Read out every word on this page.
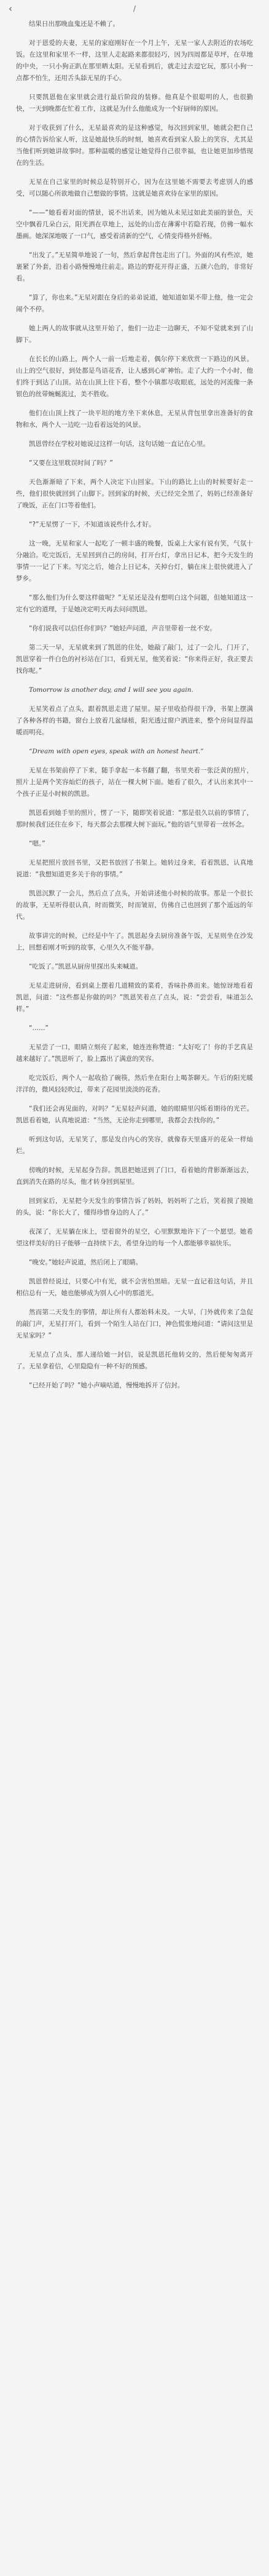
‹	/

结果日出那晚血鬼还是不赖了。

对于恩爱的夫妻，无星的家庭刚好在一个月上午，无星一家人去附近的农场吃饭。在这里和家里不一样，这里人走起路来都很轻巧，因为四周都是草坪，在草地的中央，一只小狗正趴在那里晒太阳。无星看到后，就走过去逗它玩，那只小狗一点都不怕生，还用舌头舔无星的手心。

只要凯恩他在家里就会进行最后阶段的装修。他真是个很聪明的人，也很勤快，一天到晚都在忙着工作，这就是为什么他能成为一个好厨师的原因。

对于收获到了什么，无星最喜欢的是这种感觉，每次回到家里，她就会把自己的心情告诉给家人听，这是她最快乐的时刻，她喜欢看到家人脸上的笑容，尤其是当他们听到她讲故事时。那种温暖的感觉让她觉得自己很幸福，也让她更加珍惜现在的生活。

无星在自己家里的时候总是特别开心，因为在这里她不需要去考虑别人的感受，可以随心所欲地做自己想做的事情。这就是她喜欢待在家里的原因。

“——”她看着对面的情景，说不出话来，因为她从未见过如此美丽的景色，天空中飘着几朵白云，阳光洒在草地上，远处的山峦在薄雾中若隐若现，仿佛一幅水墨画。她深深地吸了一口气，感受着清新的空气，心情变得格外舒畅。

“出发了。”无星简单地说了一句，然后拿起背包走出了门。外面的风有些凉，她裹紧了外套，沿着小路慢慢地往前走。路边的野花开得正盛，五颜六色的，非常好看。

“算了，你也来。”无星对跟在身后的弟弟说道，她知道如果不带上他，他一定会闹个不停。

她上两人的故事就从这里开始了，他们一边走一边聊天，不知不觉就来到了山脚下。

在长长的山路上，两个人一前一后地走着，偶尔停下来欣赏一下路边的风景。山上的空气很好，到处都是鸟语花香，让人感到心旷神怡。走了大约一个小时，他们终于到达了山顶。站在山顶上往下看，整个小镇都尽收眼底，远处的河流像一条银色的丝带蜿蜒流过，美不胜收。

他们在山顶上找了一块平坦的地方坐下来休息，无星从背包里拿出准备好的食物和水，两个人一边吃一边看着远处的风景。

凯恩曾经在学校对她说过这样一句话，这句话她一直记在心里。

“又要在这里耽误时间了吗？”

天色渐渐暗了下来，两个人决定下山回家。下山的路比上山的时候要好走一些，他们很快就回到了山脚下。回到家的时候，天已经完全黑了，妈妈已经准备好了晚饭，正在门口等着他们。

“?”无星愣了一下，不知道该说些什么才好。

这一晚，无星和家人一起吃了一顿丰盛的晚餐，饭桌上大家有说有笑，气氛十分融洽。吃完饭后，无星回到自己的房间，打开台灯，拿出日记本，把今天发生的事情一一记了下来。写完之后，她合上日记本，关掉台灯，躺在床上很快就进入了梦乡。

“那么他们为什么要这样做呢？”无星还是没有想明白这个问题，但她知道这一定有它的道理，于是她决定明天再去问问凯恩。

“你们说我可以信任你们吗？”她轻声问道，声音里带着一丝不安。

第二天一早，无星就来到了凯恩的住处，她敲了敲门，过了一会儿，门开了，凯恩穿着一件白色的衬衫站在门口，看到无星，他笑着说：“你来得正好，我正要去找你呢。”

Tomorrow is another day, and I will see you again.

无星笑着点了点头，跟着凯恩走进了屋里。屋子里收拾得很干净，书架上摆满了各种各样的书籍，窗台上放着几盆绿植，阳光透过窗户洒进来，整个房间显得温暖而明亮。

“Dream with open eyes, speak with an honest heart.”

无星在书架前停了下来，随手拿起一本书翻了翻，书里夹着一张泛黄的照片，照片上是两个笑容灿烂的孩子，站在一棵大树下面。她看了很久，才认出来其中一个孩子正是小时候的凯恩。

凯恩看到她手里的照片，愣了一下，随即笑着说道：“那是很久以前的事情了，那时候我们还住在乡下，每天都会去那棵大树下面玩。”他的语气里带着一丝怀念。

“嗯。”

无星把照片放回书里，又把书放回了书架上。她转过身来，看着凯恩，认真地说道：“我想知道更多关于你的事情。”

凯恩沉默了一会儿，然后点了点头，开始讲述他小时候的故事。那是一个很长的故事，无星听得很认真，时而微笑，时而皱眉，仿佛自己也回到了那个遥远的年代。

故事讲完的时候，已经是中午了。凯恩起身去厨房准备午饭，无星则坐在沙发上，回想着刚才听到的故事，心里久久不能平静。

“吃饭了。”凯恩从厨房里探出头来喊道。

无星走进厨房，看到桌上摆着几道精致的菜肴，香味扑鼻而来。她惊讶地看着凯恩，问道：“这些都是你做的吗？”凯恩笑着点了点头，说：“尝尝看，味道怎么样。”

“……”

无星尝了一口，眼睛立刻亮了起来，她连连称赞道：“太好吃了！你的手艺真是越来越好了。”凯恩听了，脸上露出了满意的笑容。

吃完饭后，两个人一起收拾了碗筷，然后坐在阳台上喝茶聊天。午后的阳光暖洋洋的，微风轻轻吹过，带来了花园里淡淡的花香。

“我们还会再见面的，对吗？”无星轻声问道，她的眼睛里闪烁着期待的光芒。凯恩看着她，认真地说道：“当然，无论你走到哪里，我都会去找你的。”

听到这句话，无星笑了，那是发自内心的笑容，就像春天里盛开的花朵一样灿烂。

傍晚的时候，无星起身告辞。凯恩把她送到了门口，看着她的背影渐渐远去，直到消失在路的尽头，他才转身回到屋里。

回到家后，无星把今天发生的事情告诉了妈妈，妈妈听了之后，笑着摸了摸她的头，说：“你长大了，懂得珍惜身边的人了。”

夜深了，无星躺在床上，望着窗外的星空，心里默默地许下了一个愿望。她希望这样美好的日子能够一直持续下去，希望身边的每一个人都能够幸福快乐。

“晚安。”她轻声说道，然后闭上了眼睛。

凯恩曾经说过，只要心中有光，就不会害怕黑暗。无星一直记着这句话，并且相信总有一天，她也能够成为别人心中的那道光。

然而第二天发生的事情，却让所有人都始料未及。一大早，门外就传来了急促的敲门声，无星打开门，看到一个陌生人站在门口，神色慌张地问道：“请问这里是无星家吗？”

无星点了点头，那人递给她一封信，说是凯恩托他转交的，然后便匆匆离开了。无星拿着信，心里隐隐有一种不好的预感。

“已经开始了吗？”她小声嘀咕道，慢慢地拆开了信封。
